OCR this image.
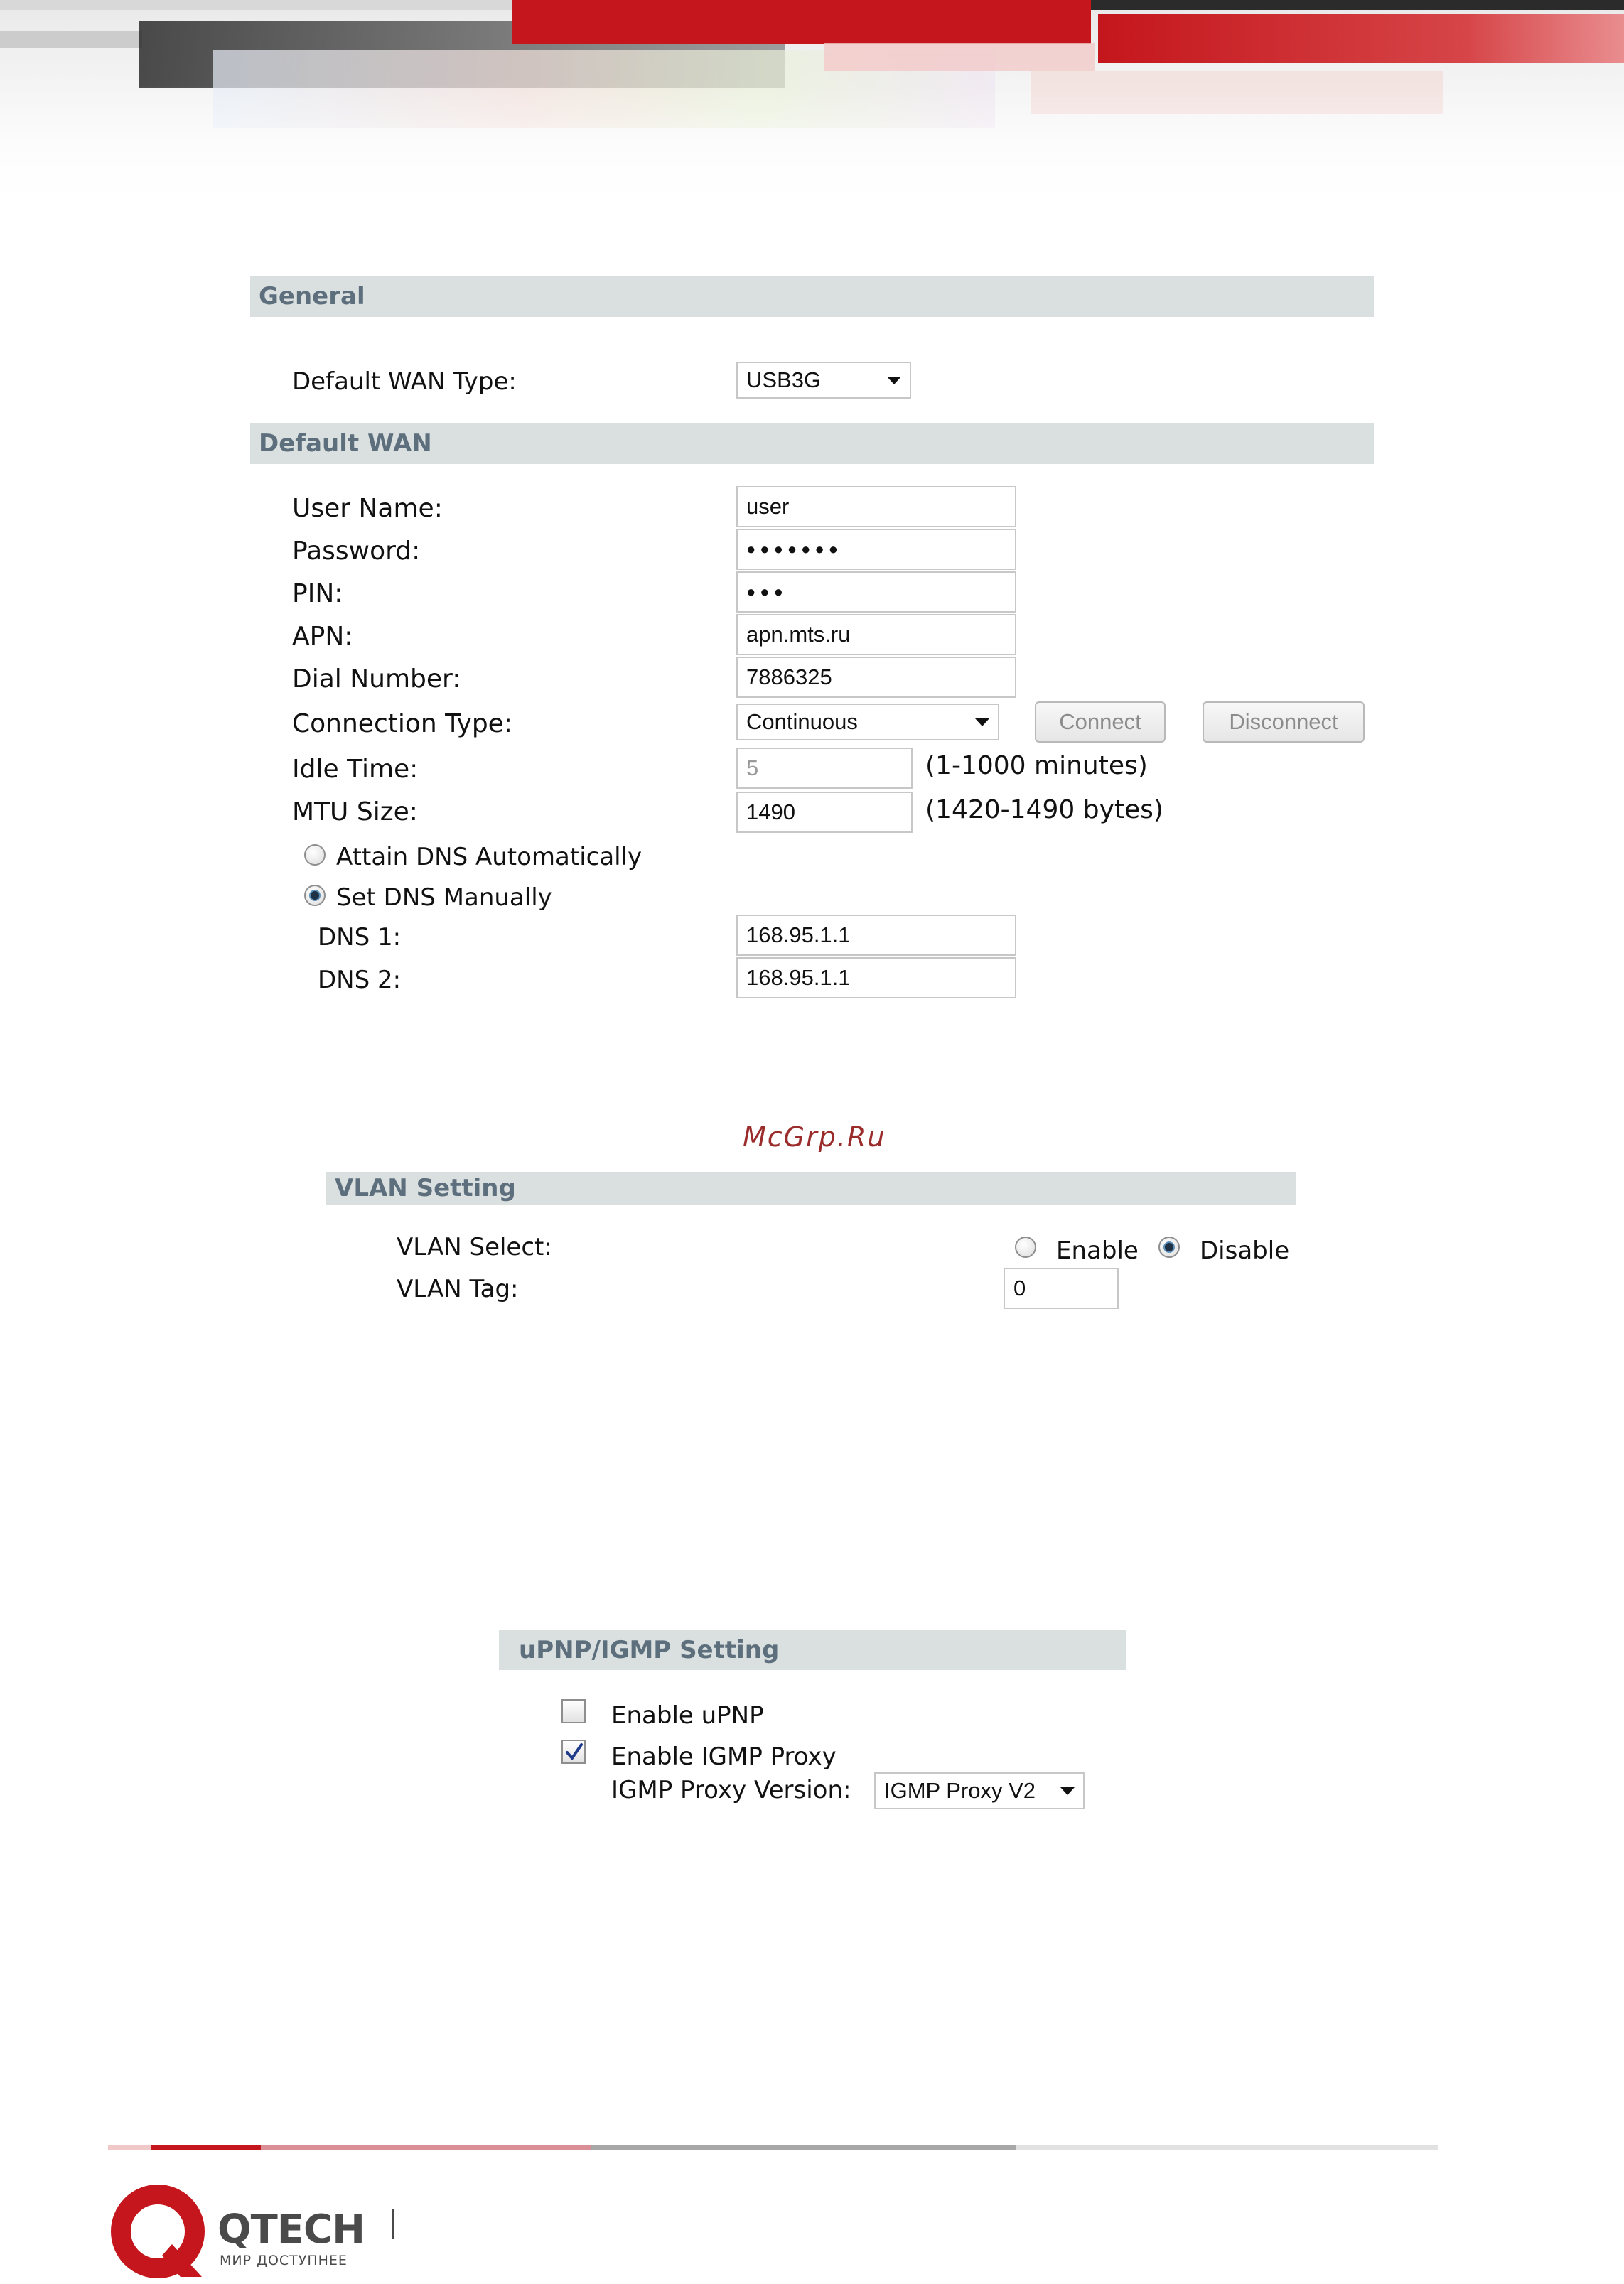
General
Default WAN Type:	USB3G
Default WAN
User Name:	user
Password:	●●●●●●●
PIN:	●●●
APN:	apn.mts.ru
Dial Number:	7886325
Connection Type:	Continuous	Connect	Disconnect
Idle Time:	5	(1-1000 minutes)
MTU Size:	1490	(1420-1490 bytes)
Attain DNS Automatically
Set DNS Manually
DNS 1:	168.95.1.1
DNS 2:	168.95.1.1
McGrp.Ru
VLAN Setting
VLAN Select:	Enable	Disable
VLAN Tag:	0
uPNP/IGMP Setting
Enable uPNP
Enable IGMP Proxy
IGMP Proxy Version: IGMP Proxy V2
QTECH
МИР ДОСТУПНЕЕ
